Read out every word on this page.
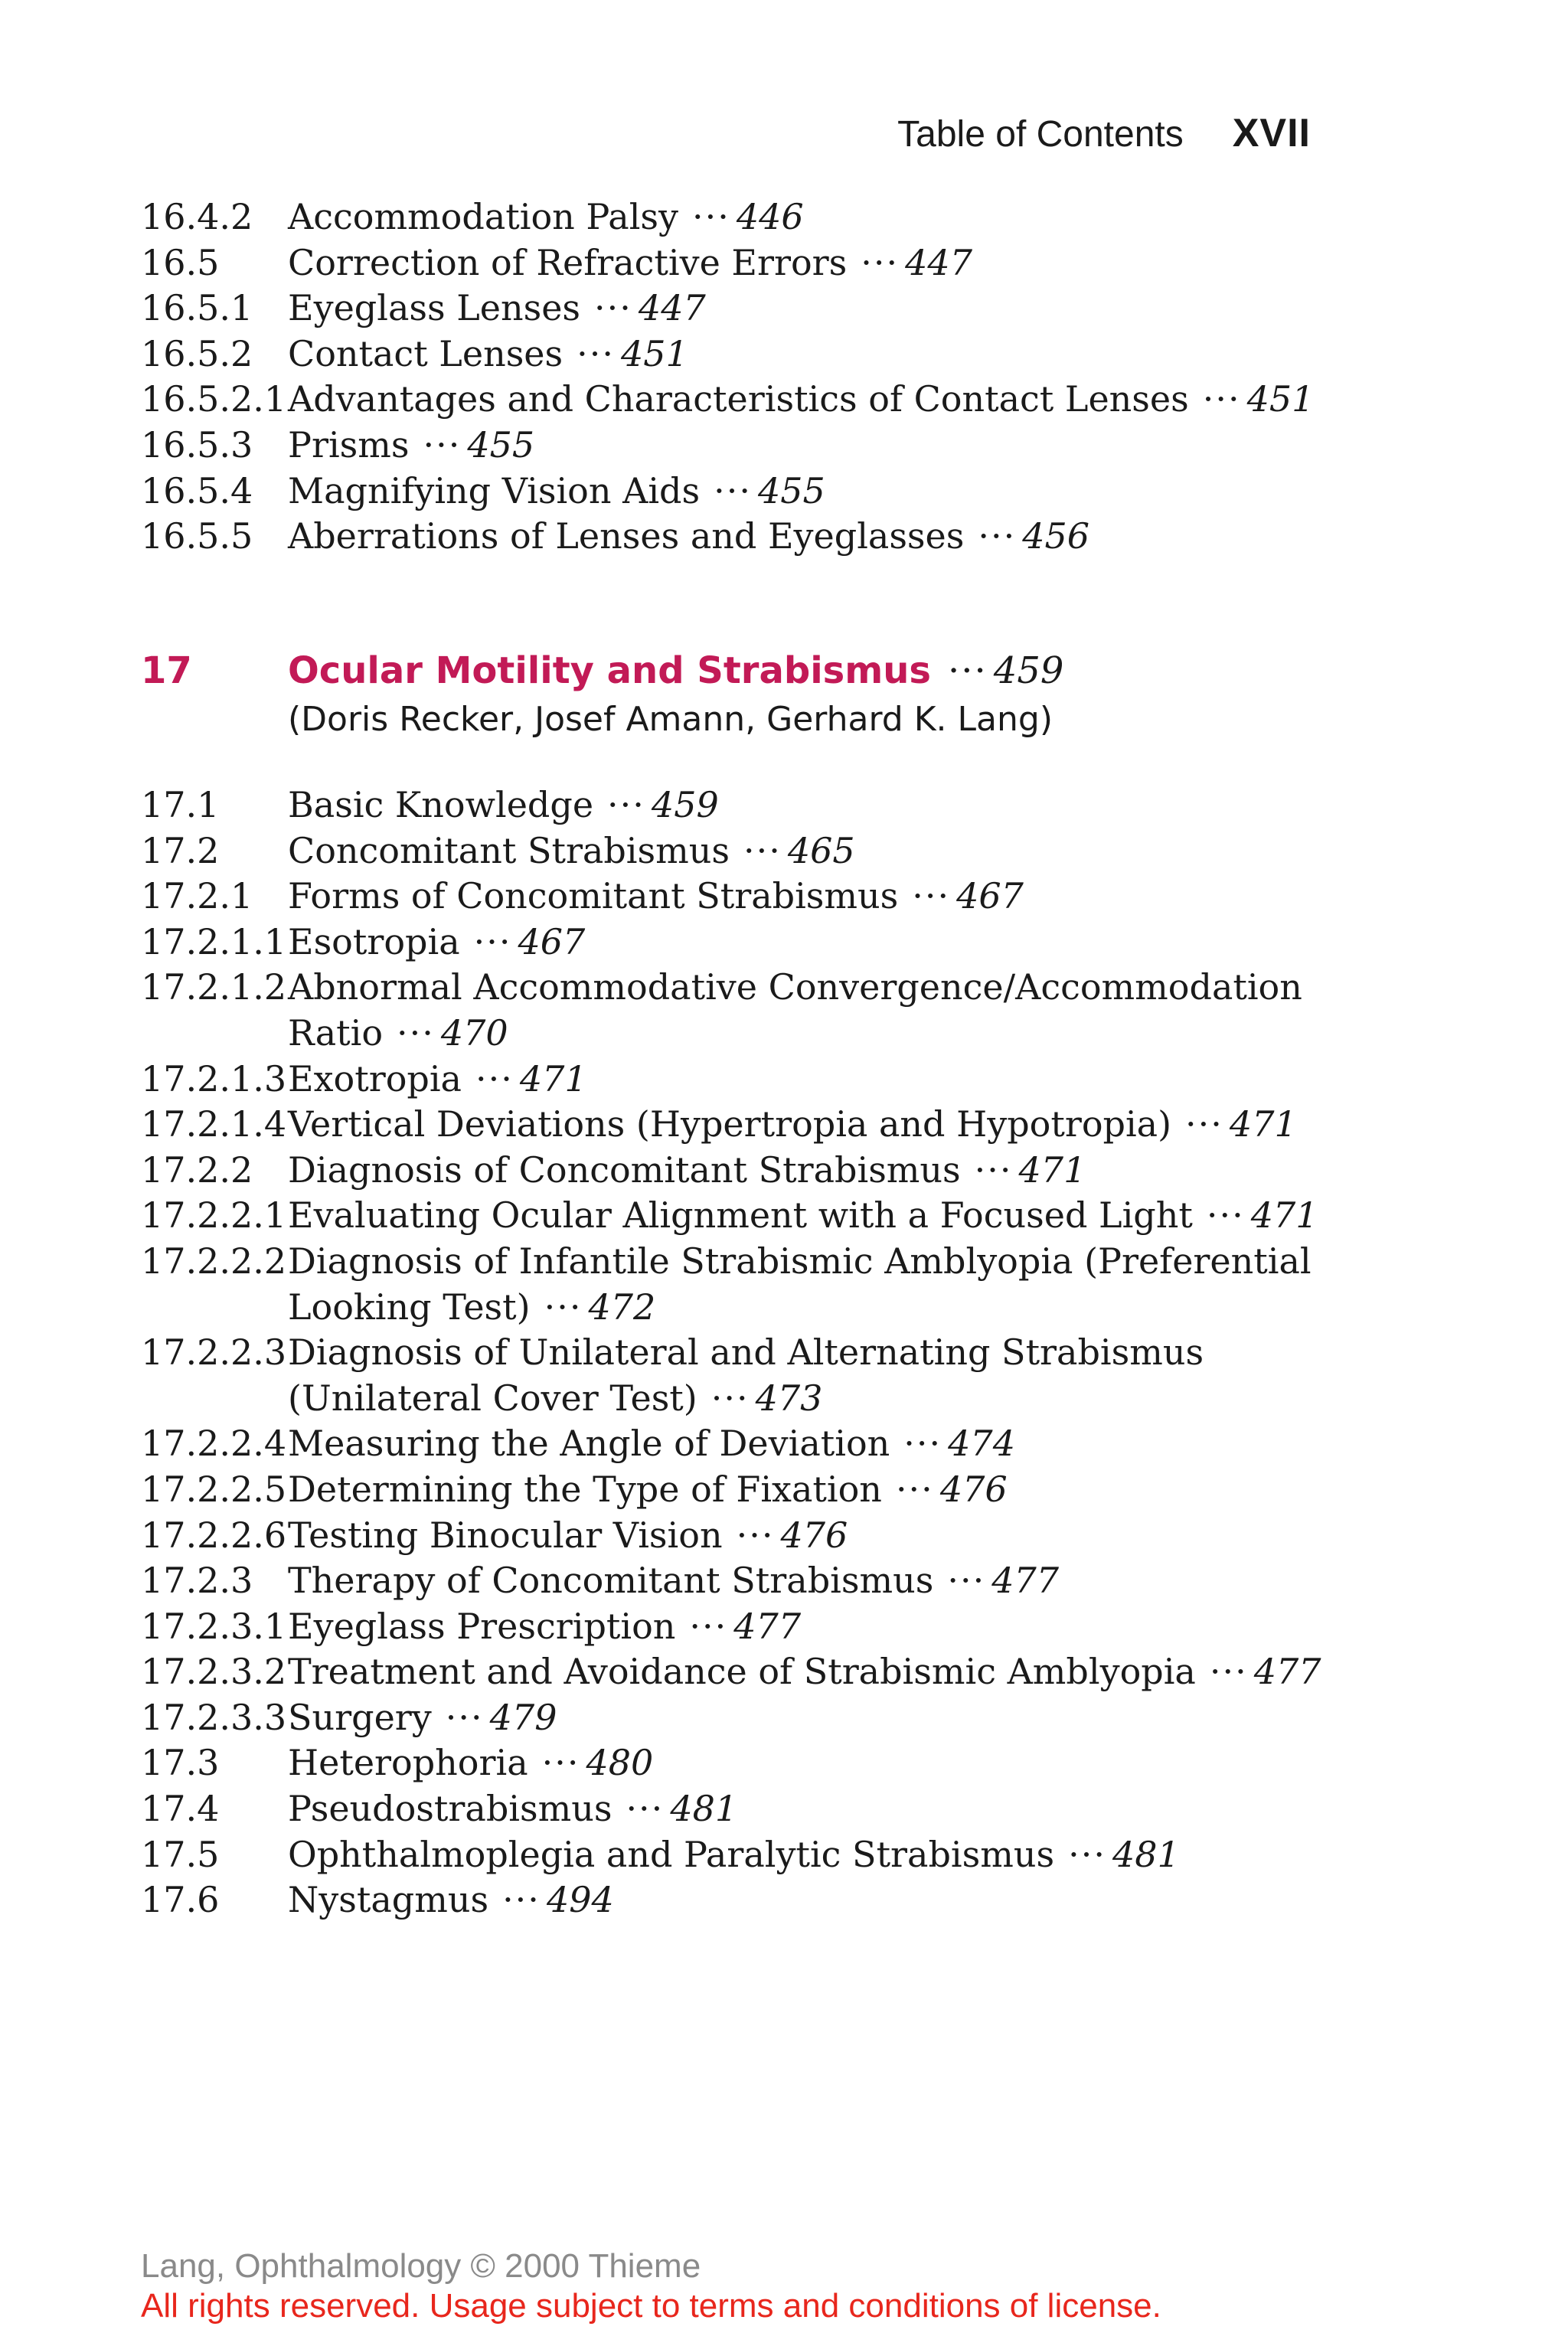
Table of Contents XVII
16.4.2 Accommodation Palsy ··· 446
16.5	Correction of Refractive Errors ··· 447
16.5.1 Eyeglass Lenses ··· 447
16.5.2 Contact Lenses ··· 451
16.5.2.1 Advantages and Characteristics of Contact Lenses ··· 451
16.5.3 Prisms ··· 455
16.5.4 Magnifying Vision Aids ··· 455
16.5.5 Aberrations of Lenses and Eyeglasses ··· 456
17	Ocular Motility and Strabismus ··· 459
(Doris Recker, Josef Amann, Gerhard K. Lang)
17.1	Basic Knowledge ··· 459
17.2	Concomitant Strabismus ··· 465
17.2.1 Forms of Concomitant Strabismus ··· 467
17.2.1.1 Esotropia ··· 467
17.2.1.2 Abnormal Accommodative Convergence/Accommodation Ratio ··· 470
17.2.1.3 Exotropia ··· 471
17.2.1.4 Vertical Deviations (Hypertropia and Hypotropia) ··· 471
17.2.2 Diagnosis of Concomitant Strabismus ··· 471
17.2.2.1 Evaluating Ocular Alignment with a Focused Light ··· 471
17.2.2.2 Diagnosis of Infantile Strabismic Amblyopia (Preferential Looking Test) ··· 472
17.2.2.3 Diagnosis of Unilateral and Alternating Strabismus (Unilateral Cover Test) ··· 473
17.2.2.4 Measuring the Angle of Deviation ··· 474
17.2.2.5 Determining the Type of Fixation ··· 476
17.2.2.6 Testing Binocular Vision ··· 476
17.2.3 Therapy of Concomitant Strabismus ··· 477
17.2.3.1 Eyeglass Prescription ··· 477
17.2.3.2 Treatment and Avoidance of Strabismic Amblyopia ··· 477
17.2.3.3 Surgery ··· 479
17.3	Heterophoria ··· 480
17.4	Pseudostrabismus ··· 481
17.5	Ophthalmoplegia and Paralytic Strabismus ··· 481
17.6	Nystagmus ··· 494
Lang, Ophthalmology © 2000 Thieme
All rights reserved. Usage subject to terms and conditions of license.
